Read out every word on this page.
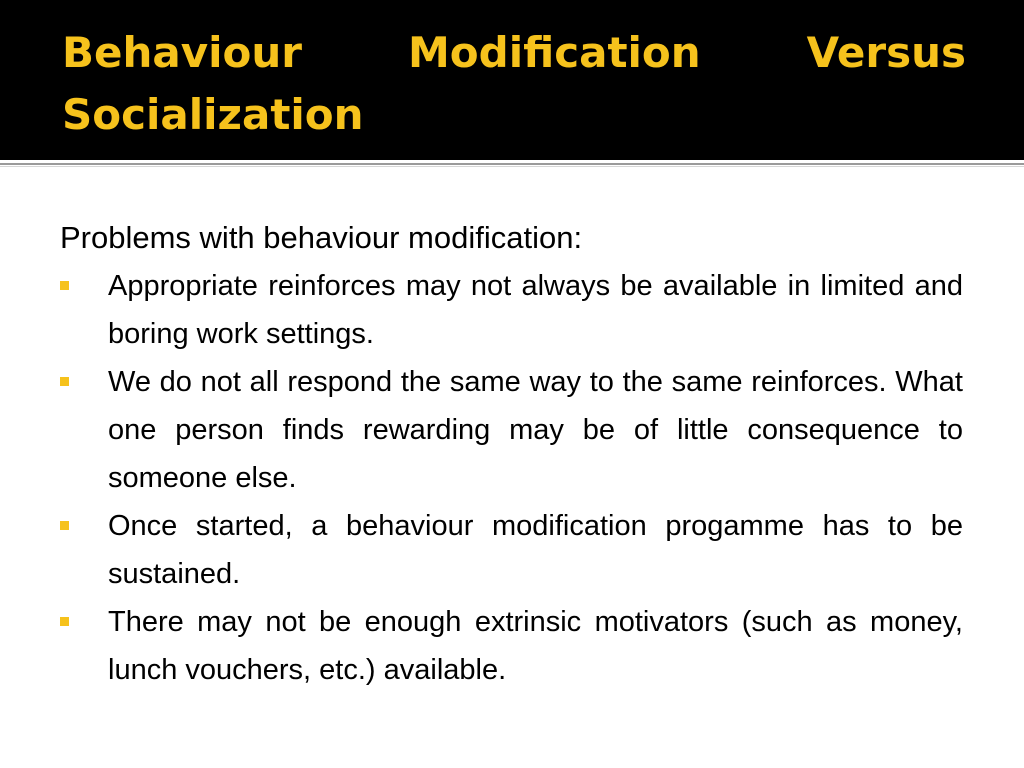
Behaviour Modification Versus Socialization

Problems with behaviour modification:

Appropriate reinforces may not always be available in limited and boring work settings.
We do not all respond the same way to the same reinforces. What one person finds rewarding may be of little consequence to someone else.
Once started, a behaviour modification progamme has to be sustained.
There may not be enough extrinsic motivators (such as money, lunch vouchers, etc.) available.
